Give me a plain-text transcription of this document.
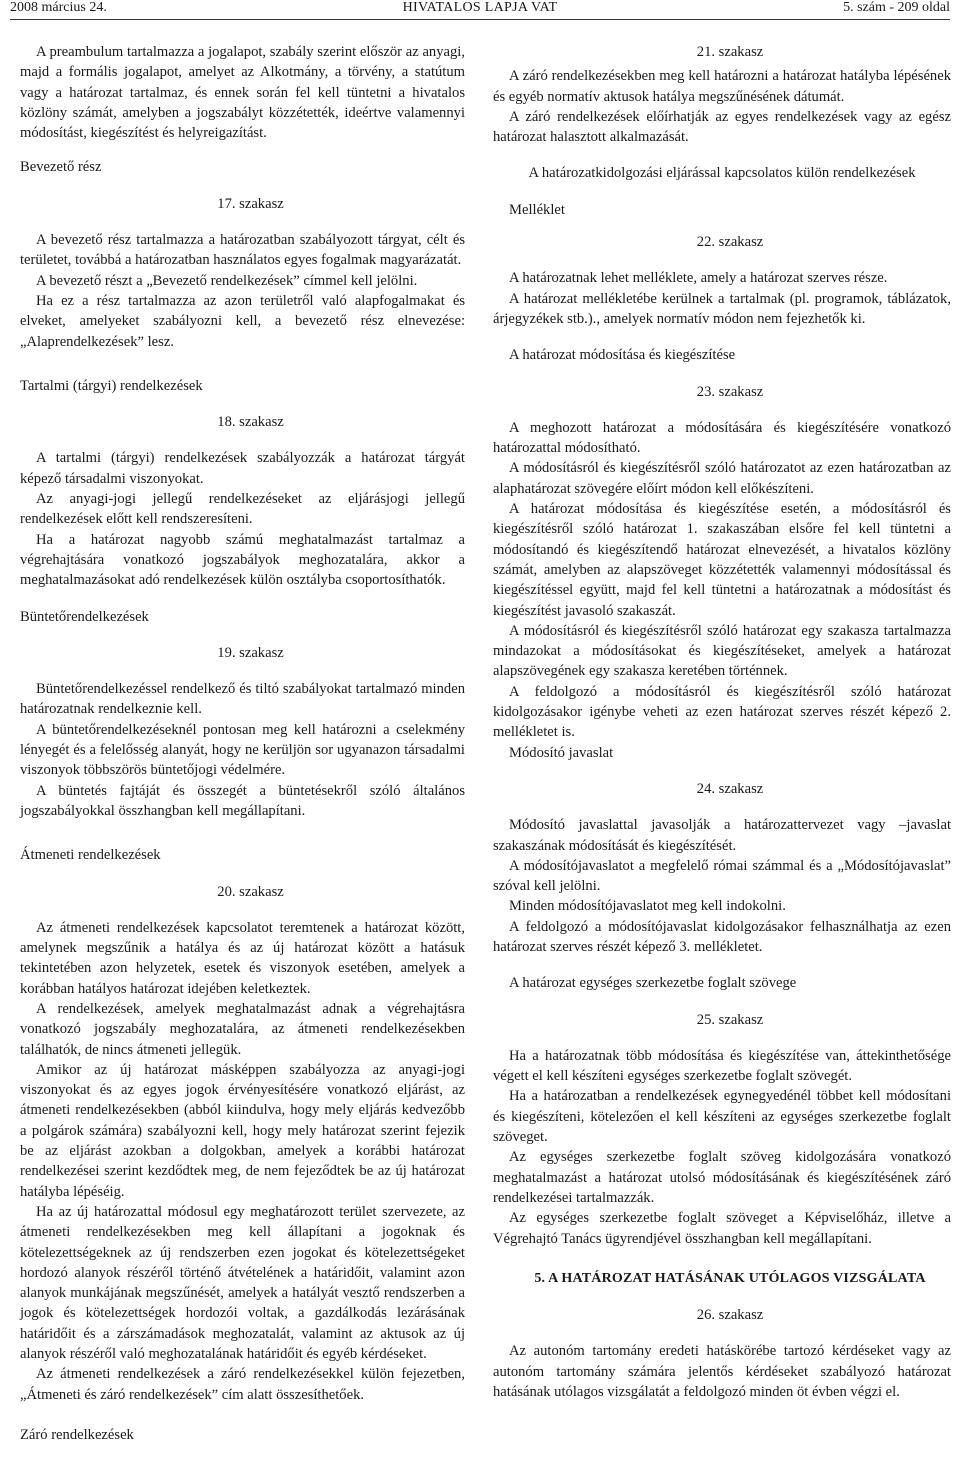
2008 március 24.	HIVATALOS LAPJA VAT	5. szám - 209 oldal

A preambulum tartalmazza a jogalapot, szabály szerint először az anyagi, majd a formális jogalapot, amelyet az Alkotmány, a törvény, a statútum vagy a határozat tartalmaz, és ennek során fel kell tüntetni a hivatalos közlöny számát, amelyben a jogszabályt közzétették, ideértve valamennyi módosítást, kiegészítést és helyreigazítást.

Bevezető rész

17. szakasz

A bevezető rész tartalmazza a határozatban szabályozott tárgyat, célt és területet, továbbá a határozatban használatos egyes fogalmak magyarázatát.

A bevezető részt a „Bevezető rendelkezések” címmel kell jelölni.

Ha ez a rész tartalmazza az azon területről való alapfogalmakat és elveket, amelyeket szabályozni kell, a bevezető rész elnevezése: „Alaprendelkezések” lesz.

Tartalmi (tárgyi) rendelkezések

18. szakasz

A tartalmi (tárgyi) rendelkezések szabályozzák a határozat tárgyát képező társadalmi viszonyokat.

Az anyagi-jogi jellegű rendelkezéseket az eljárásjogi jellegű rendelkezések előtt kell rendszeresíteni.

Ha a határozat nagyobb számú meghatalmazást tartalmaz a végrehajtására vonatkozó jogszabályok meghozatalára, akkor a meghatalmazásokat adó rendelkezések külön osztályba csoportosíthatók.

Büntetőrendelkezések

19. szakasz

Büntetőrendelkezéssel rendelkező és tiltó szabályokat tartalmazó minden határozatnak rendelkeznie kell.

A büntetőrendelkezéseknél pontosan meg kell határozni a cselekmény lényegét és a felelősség alanyát, hogy ne kerüljön sor ugyanazon társadalmi viszonyok többszörös büntetőjogi védelmére.

A büntetés fajtáját és összegét a büntetésekről szóló általános jogszabályokkal összhangban kell megállapítani.

Átmeneti rendelkezések

20. szakasz

Az átmeneti rendelkezések kapcsolatot teremtenek a határozat között, amelynek megszűnik a hatálya és az új határozat között a hatásuk tekintetében azon helyzetek, esetek és viszonyok esetében, amelyek a korábban hatályos határozat idejében keletkeztek.

A rendelkezések, amelyek meghatalmazást adnak a végrehajtásra vonatkozó jogszabály meghozatalára, az átmeneti rendelkezésekben találhatók, de nincs átmeneti jellegük.

Amikor az új határozat másképpen szabályozza az anyagi-jogi viszonyokat és az egyes jogok érvényesítésére vonatkozó eljárást, az átmeneti rendelkezésekben (abból kiindulva, hogy mely eljárás kedvezőbb a polgárok számára) szabályozni kell, hogy mely határozat szerint fejezik be az eljárást azokban a dolgokban, amelyek a korábbi határozat rendelkezései szerint kezdődtek meg, de nem fejeződtek be az új határozat hatályba lépéséig.

Ha az új határozattal módosul egy meghatározott terület szervezete, az átmeneti rendelkezésekben meg kell állapítani a jogoknak és kötelezettségeknek az új rendszerben ezen jogokat és kötelezettségeket hordozó alanyok részéről történő átvételének a határidőit, valamint azon alanyok munkájának megszűnését, amelyek a hatályát vesztő rendszerben a jogok és kötelezettségek hordozói voltak, a gazdálkodás lezárásának határidőit és a zárszámadások meghozatalát, valamint az aktusok az új alanyok részéről való meghozatalának határidőit és egyéb kérdéseket.

Az átmeneti rendelkezések a záró rendelkezésekkel külön fejezetben, „Átmeneti és záró rendelkezések” cím alatt összesíthetőek.

Záró rendelkezések

21. szakasz

A záró rendelkezésekben meg kell határozni a határozat hatályba lépésének és egyéb normatív aktusok hatálya megszűnésének dátumát.

A záró rendelkezések előírhatják az egyes rendelkezések vagy az egész határozat halasztott alkalmazását.

A határozatkidolgozási eljárással kapcsolatos külön rendelkezések

Melléklet

22. szakasz

A határozatnak lehet melléklete, amely a határozat szerves része.

A határozat mellékletébe kerülnek a tartalmak (pl. programok, táblázatok, árjegyzékek stb.)., amelyek normatív módon nem fejezhetők ki.

A határozat módosítása és kiegészítése

23. szakasz

A meghozott határozat a módosítására és kiegészítésére vonatkozó határozattal módosítható.

A módosításról és kiegészítésről szóló határozatot az ezen határozatban az alaphatározat szövegére előírt módon kell előkészíteni.

A határozat módosítása és kiegészítése esetén, a módosításról és kiegészítésről szóló határozat 1. szakaszában elsőre fel kell tüntetni a módosítandó és kiegészítendő határozat elnevezését, a hivatalos közlöny számát, amelyben az alapszöveget közzétették valamennyi módosítással és kiegészítéssel együtt, majd fel kell tüntetni a határozatnak a módosítást és kiegészítést javasoló szakaszát.

A módosításról és kiegészítésről szóló határozat egy szakasza tartalmazza mindazokat a módosításokat és kiegészítéseket, amelyek a határozat alapszövegének egy szakasza keretében történnek.

A feldolgozó a módosításról és kiegészítésről szóló határozat kidolgozásakor igénybe veheti az ezen határozat szerves részét képező 2. mellékletet is.

Módosító javaslat

24. szakasz

Módosító javaslattal javasolják a határozattervezet vagy –javaslat szakaszának módosítását és kiegészítését.

A módosítójavaslatot a megfelelő római számmal és a „Módosítójavaslat” szóval kell jelölni.

Minden módosítójavaslatot meg kell indokolni.

A feldolgozó a módosítójavaslat kidolgozásakor felhasználhatja az ezen határozat szerves részét képező 3. mellékletet.

A határozat egységes szerkezetbe foglalt szövege

25. szakasz

Ha a határozatnak több módosítása és kiegészítése van, áttekinthetősége végett el kell készíteni egységes szerkezetbe foglalt szövegét.

Ha a határozatban a rendelkezések egynegyedénél többet kell módosítani és kiegészíteni, kötelezően el kell készíteni az egységes szerkezetbe foglalt szöveget.

Az egységes szerkezetbe foglalt szöveg kidolgozására vonatkozó meghatalmazást a határozat utolsó módosításának és kiegészítésének záró rendelkezései tartalmazzák.

Az egységes szerkezetbe foglalt szöveget a Képviselőház, illetve a Végrehajtó Tanács ügyrendjével összhangban kell megállapítani.

5. A HATÁROZAT HATÁSÁNAK UTÓLAGOS VIZSGÁLATA

26. szakasz

Az autonóm tartomány eredeti hatáskörébe tartozó kérdéseket vagy az autonóm tartomány számára jelentős kérdéseket szabályozó határozat hatásának utólagos vizsgálatát a feldolgozó minden öt évben végzi el.
